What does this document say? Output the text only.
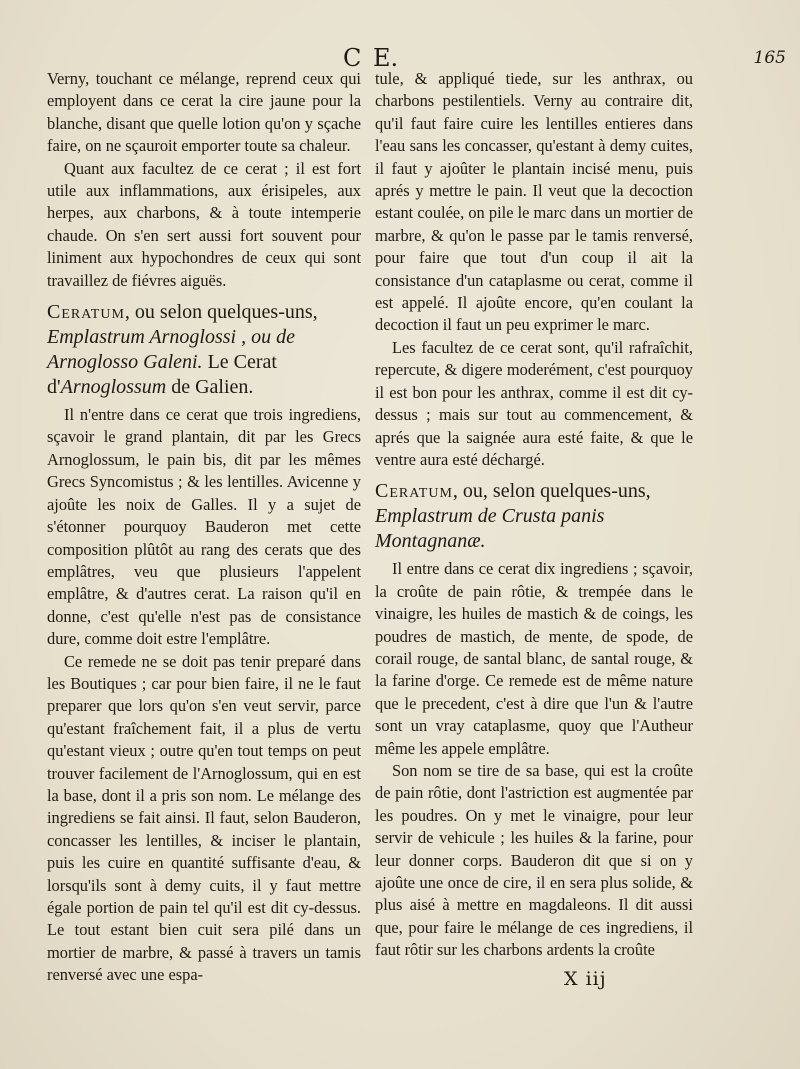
C E.	165

Verny, touchant ce mélange, reprend ceux qui employent dans ce cerat la cire jaune pour la blanche, disant que quelle lotion qu'on y sçache faire, on ne sçauroit emporter toute sa chaleur.

Quant aux facultez de ce cerat ; il est fort utile aux inflammations, aux érisipeles, aux herpes, aux charbons, & à toute intemperie chaude. On s'en sert aussi fort souvent pour liniment aux hypochondres de ceux qui sont travaillez de fiévres aiguës.

Ceratum, ou selon quelques-uns, Emplastrum Arnoglossi , ou de Arnoglosso Galeni. Le Cerat d'Arnoglossum de Galien.

Il n'entre dans ce cerat que trois ingrediens, sçavoir le grand plantain, dit par les Grecs Arnoglossum, le pain bis, dit par les mêmes Grecs Syncomistus ; & les lentilles. Avicenne y ajoûte les noix de Galles. Il y a sujet de s'étonner pourquoy Bauderon met cette composition plûtôt au rang des cerats que des emplâtres, veu que plusieurs l'appelent emplâtre, & d'autres cerat. La raison qu'il en donne, c'est qu'elle n'est pas de consistance dure, comme doit estre l'emplâtre.

Ce remede ne se doit pas tenir preparé dans les Boutiques ; car pour bien faire, il ne le faut preparer que lors qu'on s'en veut servir, parce qu'estant fraîchement fait, il a plus de vertu qu'estant vieux ; outre qu'en tout temps on peut trouver facilement de l'Arnoglossum, qui en est la base, dont il a pris son nom. Le mélange des ingrediens se fait ainsi. Il faut, selon Bauderon, concasser les lentilles, & inciser le plantain, puis les cuire en quantité suffisante d'eau, & lorsqu'ils sont à demy cuits, il y faut mettre égale portion de pain tel qu'il est dit cy-dessus. Le tout estant bien cuit sera pilé dans un mortier de marbre, & passé à travers un tamis renversé avec une espa-

tule, & appliqué tiede, sur les anthrax, ou charbons pestilentiels. Verny au contraire dit, qu'il faut faire cuire les lentilles entieres dans l'eau sans les concasser, qu'estant à demy cuites, il faut y ajoûter le plantain incisé menu, puis aprés y mettre le pain. Il veut que la decoction estant coulée, on pile le marc dans un mortier de marbre, & qu'on le passe par le tamis renversé, pour faire que tout d'un coup il ait la consistance d'un cataplasme ou cerat, comme il est appelé. Il ajoûte encore, qu'en coulant la decoction il faut un peu exprimer le marc.

Les facultez de ce cerat sont, qu'il rafraîchit, repercute, & digere moderément, c'est pourquoy il est bon pour les anthrax, comme il est dit cy-dessus ; mais sur tout au commencement, & aprés que la saignée aura esté faite, & que le ventre aura esté déchargé.

Ceratum, ou, selon quelques-uns, Emplastrum de Crusta panis Montagnanæ.

Il entre dans ce cerat dix ingrediens ; sçavoir, la croûte de pain rôtie, & trempée dans le vinaigre, les huiles de mastich & de coings, les poudres de mastich, de mente, de spode, de corail rouge, de santal blanc, de santal rouge, & la farine d'orge. Ce remede est de même nature que le precedent, c'est à dire que l'un & l'autre sont un vray cataplasme, quoy que l'Autheur même les appele emplâtre.

Son nom se tire de sa base, qui est la croûte de pain rôtie, dont l'astriction est augmentée par les poudres. On y met le vinaigre, pour leur servir de vehicule ; les huiles & la farine, pour leur donner corps. Bauderon dit que si on y ajoûte une once de cire, il en sera plus solide, & plus aisé à mettre en magdaleons. Il dit aussi que, pour faire le mélange de ces ingrediens, il faut rôtir sur les charbons ardents la croûte

X iij
